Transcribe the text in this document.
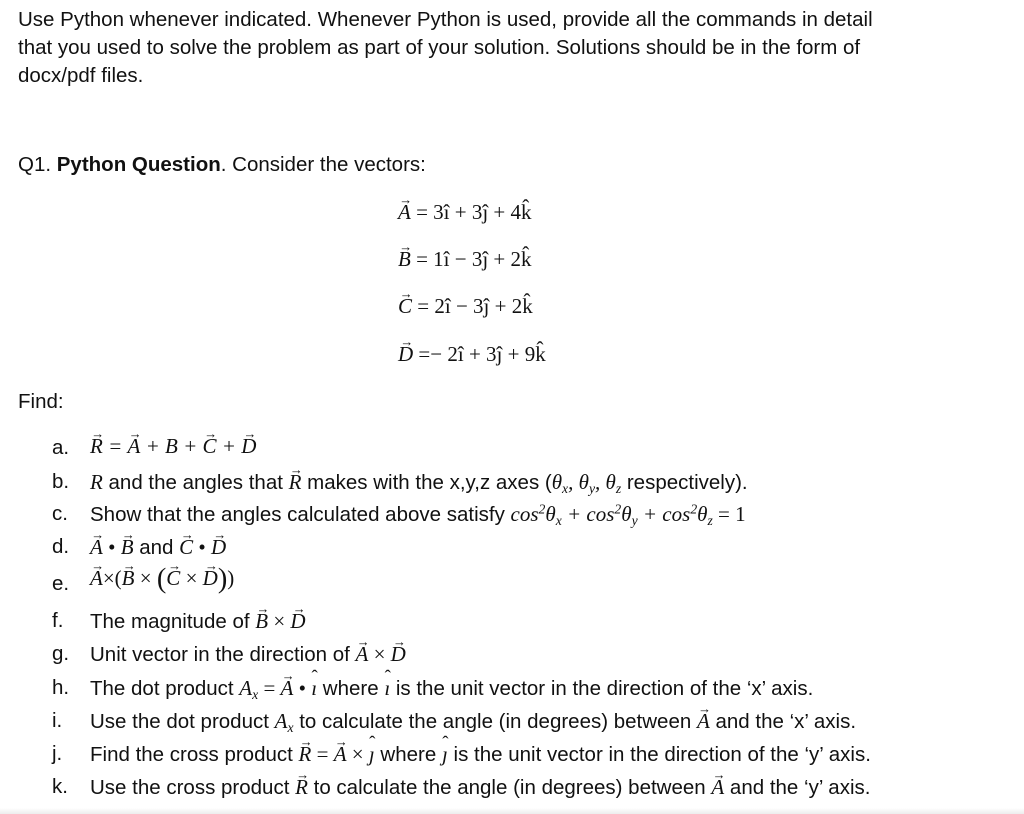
Use Python whenever indicated. Whenever Python is used, provide all the commands in detail
that you used to solve the problem as part of your solution. Solutions should be in the form of
docx/pdf files.
Q1. Python Question. Consider the vectors:
→ A = 3î + 3ĵ + 4k̂
→ B = 1î − 3ĵ + 2k̂
→ C = 2î − 3ĵ + 2k̂
→ D =− 2î + 3ĵ + 9k̂
Find:
a. → R = → A + B + → C + → D
b. R and the angles that → R makes with the x,y,z axes ($\theta_x$, $\theta_y$, $\theta_z$ respectively).
c. Show that the angles calculated above satisfy $\cos^2\theta_x + \cos^2\theta_y + \cos^2\theta_z = 1$
d. → A • → B and → C • → D
e. → A×(→ B × (→ C × → D))
f. The magnitude of → B × → D
g. Unit vector in the direction of → A × → D
h. The dot product $A_x$ = → A • ˆ ı where ˆ ı is the unit vector in the direction of the ‘x’ axis.
i. Use the dot product $A_x$ to calculate the angle (in degrees) between → A and the ‘x’ axis.
j. Find the cross product → R = → A × ˆ ȷ where ˆ ȷ is the unit vector in the direction of the ‘y’ axis.
k. Use the cross product → R to calculate the angle (in degrees) between → A and the ‘y’ axis.
